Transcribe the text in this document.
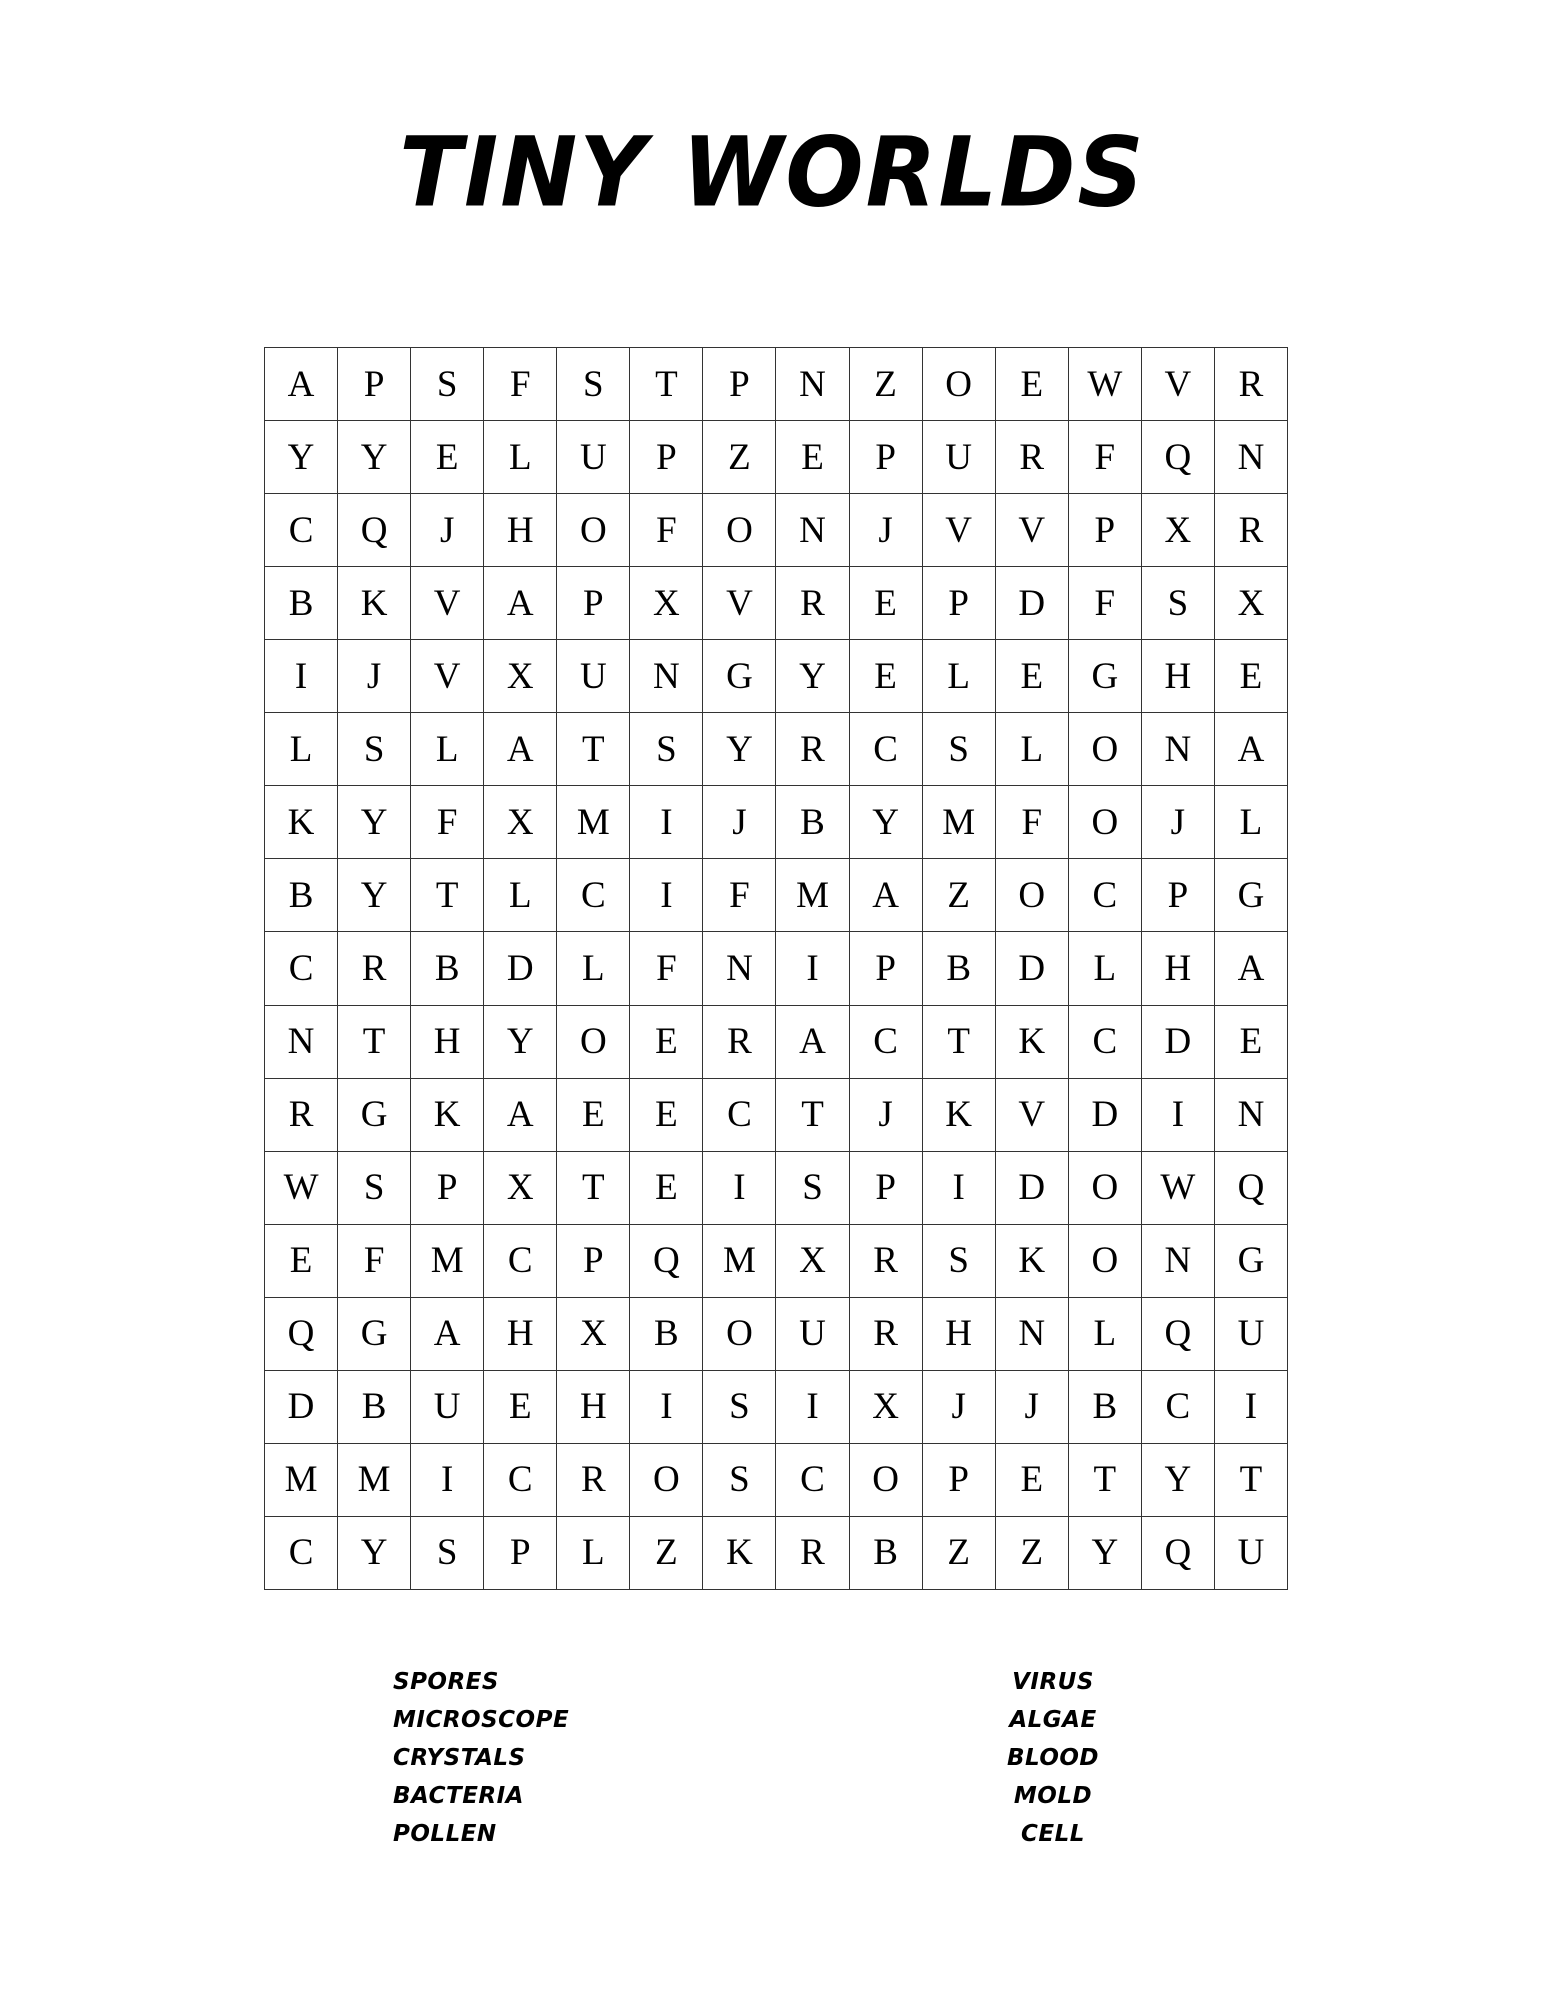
TINY WORLDS
A	P	S	F	S	T	P	N	Z	O	E	W	V	R
Y	Y	E	L	U	P	Z	E	P	U	R	F	Q	N
C	Q	J	H	O	F	O	N	J	V	V	P	X	R
B	K	V	A	P	X	V	R	E	P	D	F	S	X
I	J	V	X	U	N	G	Y	E	L	E	G	H	E
L	S	L	A	T	S	Y	R	C	S	L	O	N	A
K	Y	F	X	M	I	J	B	Y	M	F	O	J	L
B	Y	T	L	C	I	F	M	A	Z	O	C	P	G
C	R	B	D	L	F	N	I	P	B	D	L	H	A
N	T	H	Y	O	E	R	A	C	T	K	C	D	E
R	G	K	A	E	E	C	T	J	K	V	D	I	N
W	S	P	X	T	E	I	S	P	I	D	O	W	Q
E	F	M	C	P	Q	M	X	R	S	K	O	N	G
Q	G	A	H	X	B	O	U	R	H	N	L	Q	U
D	B	U	E	H	I	S	I	X	J	J	B	C	I
M	M	I	C	R	O	S	C	O	P	E	T	Y	T
C	Y	S	P	L	Z	K	R	B	Z	Z	Y	Q	U
SPORES
MICROSCOPE
CRYSTALS
BACTERIA
POLLEN
VIRUS
ALGAE
BLOOD
MOLD
CELL
